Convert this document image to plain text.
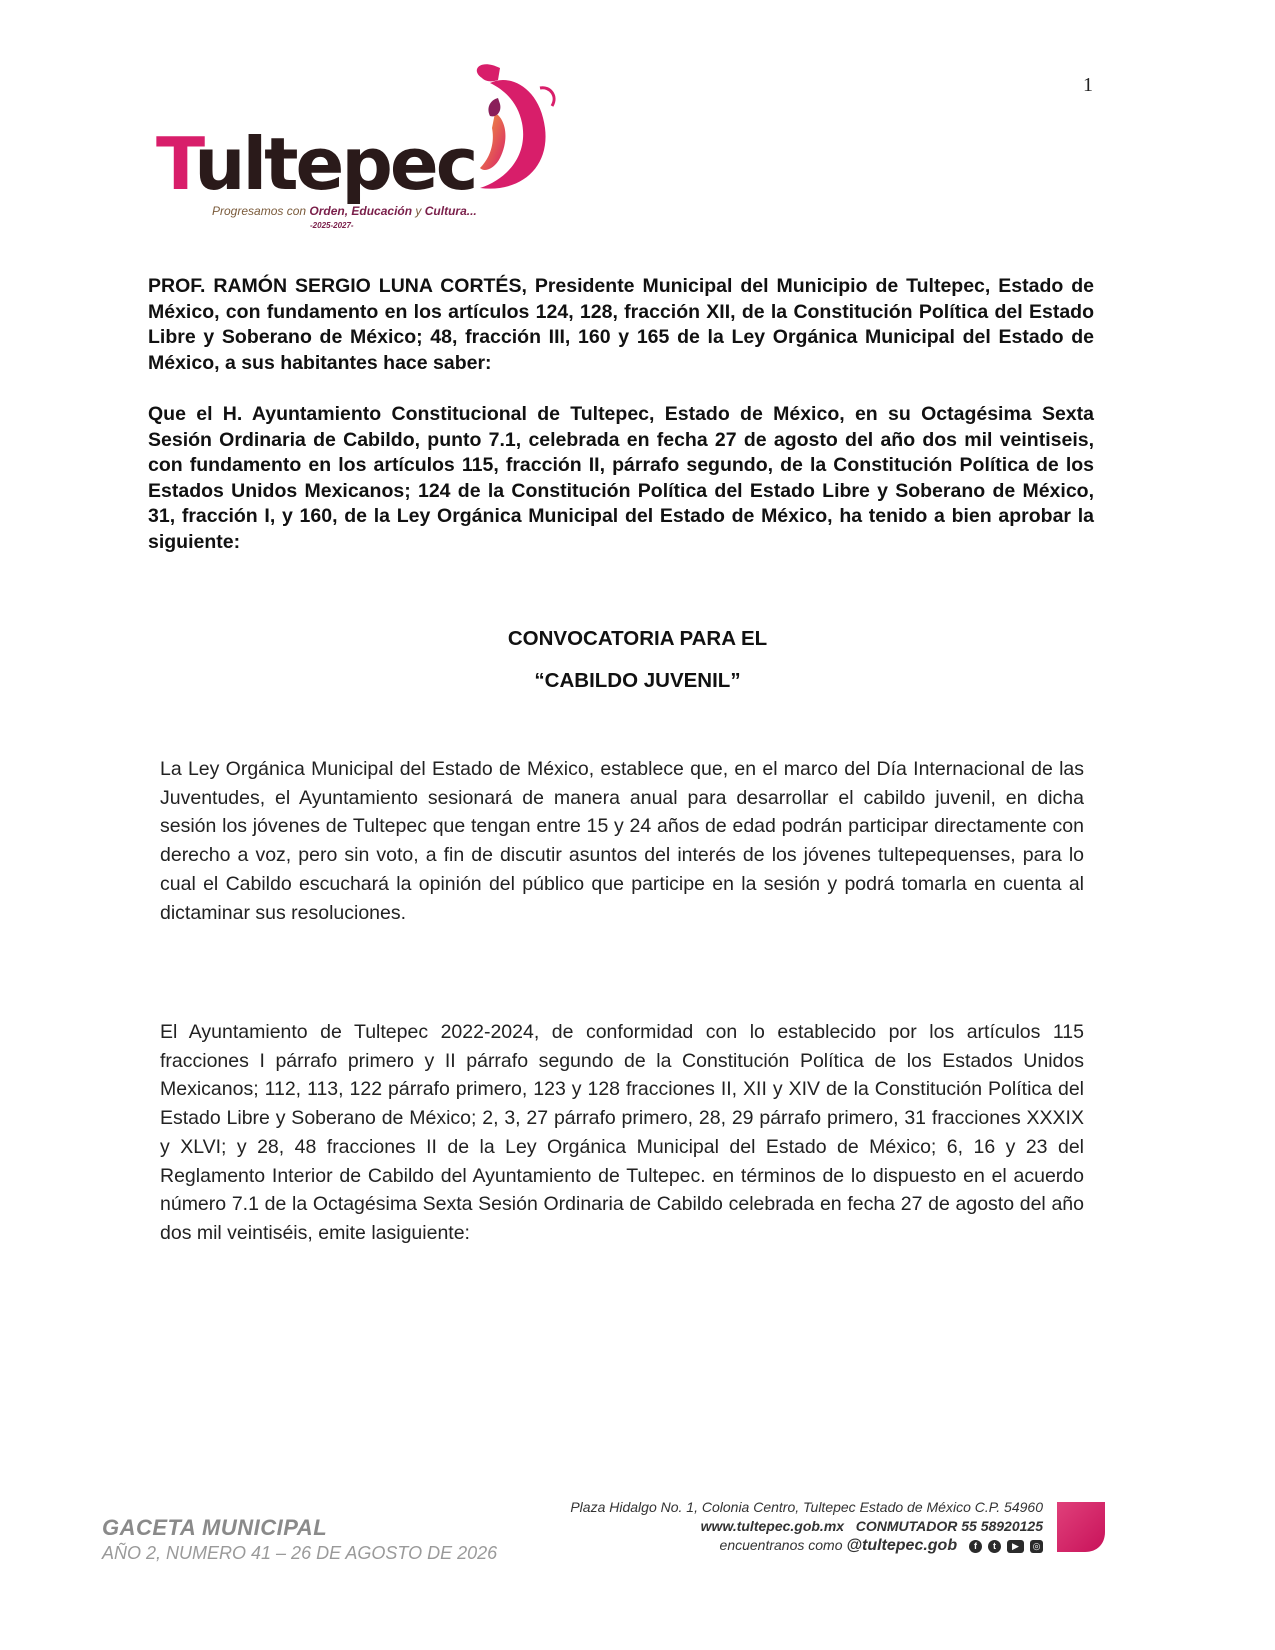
1
Tultepec
Progresamos con Orden, Educación y Cultura...
-2025-2027-

PROF. RAMÓN SERGIO LUNA CORTÉS, Presidente Municipal del Municipio de Tultepec, Estado de México, con fundamento en los artículos 124, 128, fracción XII, de la Constitución Política del Estado Libre y Soberano de México; 48, fracción III, 160 y 165 de la Ley Orgánica Municipal del Estado de México, a sus habitantes hace saber:

Que el H. Ayuntamiento Constitucional de Tultepec, Estado de México, en su Octagésima Sexta Sesión Ordinaria de Cabildo, punto 7.1, celebrada en fecha 27 de agosto del año dos mil veintiseis, con fundamento en los artículos 115, fracción II, párrafo segundo, de la Constitución Política de los Estados Unidos Mexicanos; 124 de la Constitución Política del Estado Libre y Soberano de México, 31, fracción I, y 160, de la Ley Orgánica Municipal del Estado de México, ha tenido a bien aprobar la siguiente:

CONVOCATORIA PARA EL

“CABILDO JUVENIL”

La Ley Orgánica Municipal del Estado de México, establece que, en el marco del Día Internacional de las Juventudes, el Ayuntamiento sesionará de manera anual para desarrollar el cabildo juvenil, en dicha sesión los jóvenes de Tultepec que tengan entre 15 y 24 años de edad podrán participar directamente con derecho a voz, pero sin voto, a fin de discutir asuntos del interés de los jóvenes tultepequenses, para lo cual el Cabildo escuchará la opinión del público que participe en la sesión y podrá tomarla en cuenta al dictaminar sus resoluciones.

El Ayuntamiento de Tultepec 2022-2024, de conformidad con lo establecido por los artículos 115 fracciones I párrafo primero y II párrafo segundo de la Constitución Política de los Estados Unidos Mexicanos; 112, 113, 122 párrafo primero, 123 y 128 fracciones II, XII y XIV de la Constitución Política del Estado Libre y Soberano de México; 2, 3, 27 párrafo primero, 28, 29 párrafo primero, 31 fracciones XXXIX y XLVI; y 28, 48 fracciones II de la Ley Orgánica Municipal del Estado de México; 6, 16 y 23 del Reglamento Interior de Cabildo del Ayuntamiento de Tultepec. en términos de lo dispuesto en el acuerdo número 7.1 de la Octagésima Sexta Sesión Ordinaria de Cabildo celebrada en fecha 27 de agosto del año dos mil veintiséis, emite lasiguiente:

GACETA MUNICIPAL
AÑO 2, NUMERO 41 – 26 DE AGOSTO DE 2026
Plaza Hidalgo No. 1, Colonia Centro, Tultepec Estado de México C.P. 54960
www.tultepec.gob.mx CONMUTADOR 55 58920125
encuentranos como @tultepec.gob	f	t	▶	◎
